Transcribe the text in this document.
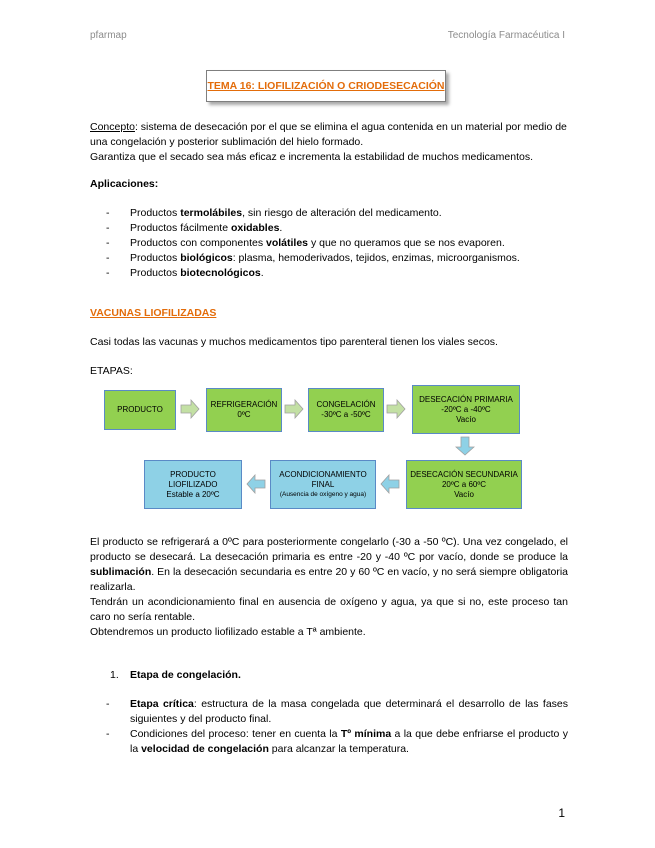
pfarmap	Tecnología Farmacéutica I
TEMA 16: LIOFILIZACIÓN O CRIODESECACIÓN

Concepto: sistema de desecación por el que se elimina el agua contenida en un material por medio de una congelación y posterior sublimación del hielo formado.

Garantiza que el secado sea más eficaz e incrementa la estabilidad de muchos medicamentos.

Aplicaciones:

- Productos termolábiles, sin riesgo de alteración del medicamento.
- Productos fácilmente oxidables.
- Productos con componentes volátiles y que no queramos que se nos evaporen.
- Productos biológicos: plasma, hemoderivados, tejidos, enzimas, microorganismos.
- Productos biotecnológicos.

VACUNAS LIOFILIZADAS

Casi todas las vacunas y muchos medicamentos tipo parenteral tienen los viales secos.

ETAPAS:
PRODUCTO
REFRIGERACIÓN
0ºC
CONGELACIÓN
-30ºC a -50ºC
DESECACIÓN PRIMARIA
-20ºC a -40ºC
Vacío
DESECACIÓN SECUNDARIA
20ºC a 60ºC
Vacío
ACONDICIONAMIENTO
FINAL
(Ausencia de oxígeno y agua)
PRODUCTO LIOFILIZADO
Estable a 20ºC

El producto se refrigerará a 0ºC para posteriormente congelarlo (-30 a -50 ºC). Una vez congelado, el producto se desecará. La desecación primaria es entre -20 y -40 ºC por vacío, donde se produce la sublimación. En la desecación secundaria es entre 20 y 60 ºC en vacío, y no será siempre obligatoria realizarla.

Tendrán un acondicionamiento final en ausencia de oxígeno y agua, ya que si no, este proceso tan caro no sería rentable.

Obtendremos un producto liofilizado estable a Tª ambiente.

1. Etapa de congelación.
- Etapa crítica: estructura de la masa congelada que determinará el desarrollo de las fases siguientes y del producto final.
- Condiciones del proceso: tener en cuenta la Tº mínima a la que debe enfriarse el producto y la velocidad de congelación para alcanzar la temperatura.
1
